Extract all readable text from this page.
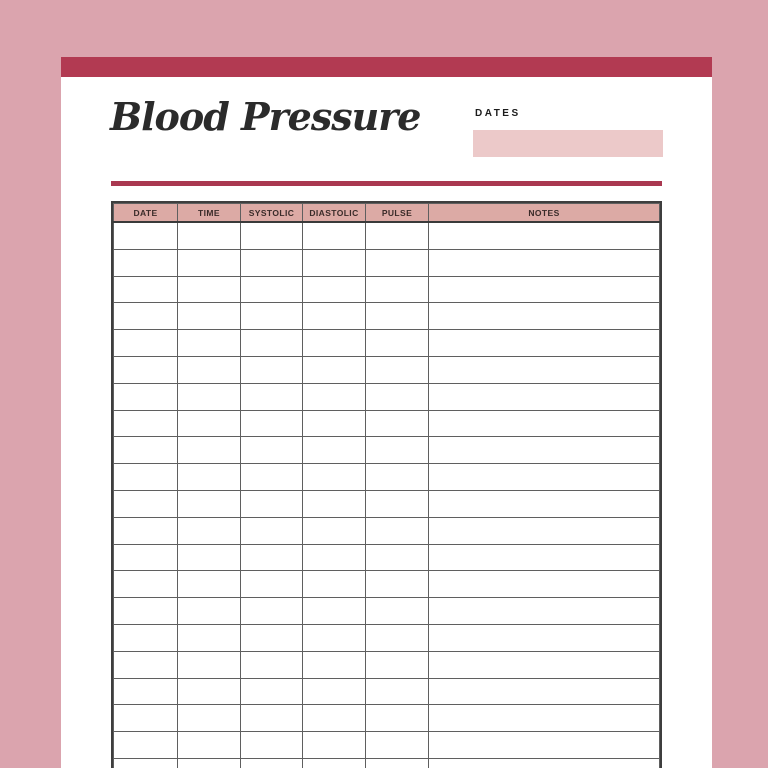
Blood Pressure	DATES
DATE	TIME	SYSTOLIC	DIASTOLIC	PULSE	NOTES
